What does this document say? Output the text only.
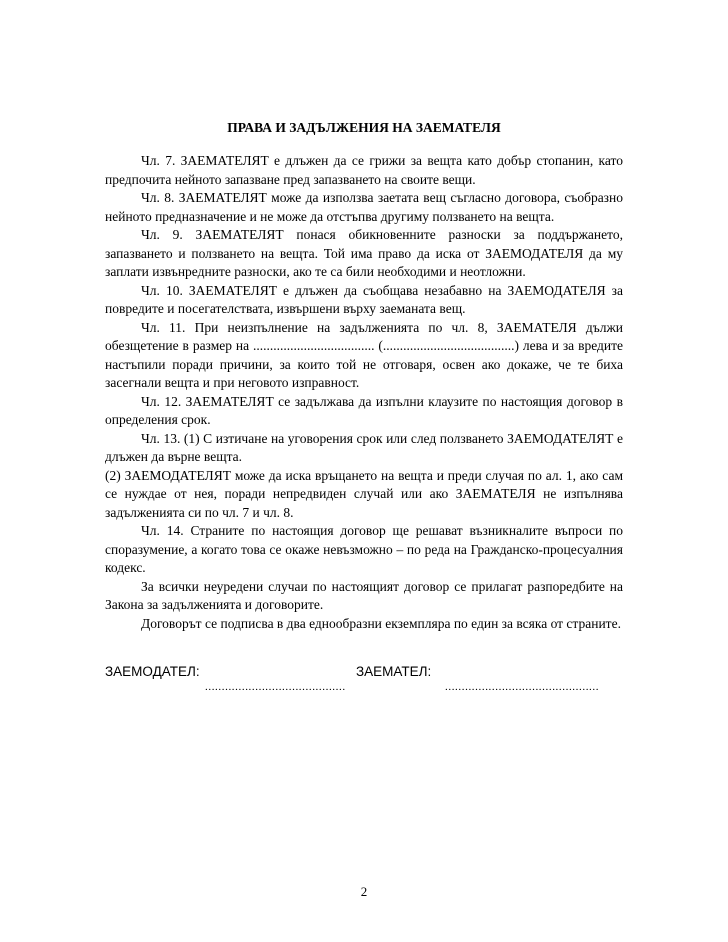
ПРАВА И ЗАДЪЛЖЕНИЯ НА ЗАЕМАТЕЛЯ

Чл. 7. ЗАЕМАТЕЛЯТ е длъжен да се грижи за вещта като добър стопанин, като предпочита нейното запазване пред запазването на своите вещи.

Чл. 8. ЗАЕМАТЕЛЯТ може да използва заетата вещ съгласно договора, съобразно нейното предназначение и не може да отстъпва другиму ползването на вещта.

Чл. 9. ЗАЕМАТЕЛЯТ понася обикновенните разноски за поддържането, запазването и ползването на вещта. Той има право да иска от ЗАЕМОДАТЕЛЯ да му заплати извънредните разноски, ако те са били необходими и неотложни.

Чл. 10. ЗАЕМАТЕЛЯТ е длъжен да съобщава незабавно на ЗАЕМОДАТЕЛЯ за повредите и посегателствата, извършени върху заеманата вещ.

Чл. 11. При неизпълнение на задълженията по чл. 8, ЗАЕМАТЕЛЯ дължи обезщетение в размер на .................................... (.......................................) лева и за вредите настъпили поради причини, за които той не отговаря, освен ако докаже, че те биха засегнали вещта и при неговото изправност.

Чл. 12. ЗАЕМАТЕЛЯТ се задължава да изпълни клаузите по настоящия договор в определения срок.

Чл. 13. (1) С изтичане на уговорения срок или след ползването ЗАЕМОДАТЕЛЯТ е длъжен да върне вещта.

(2) ЗАЕМОДАТЕЛЯТ може да иска връщането на вещта и преди случая по ал. 1, ако сам се нуждае от нея, поради непредвиден случай или ако ЗАЕМАТЕЛЯ не изпълнява задълженията си по чл. 7 и чл. 8.

Чл. 14. Страните по настоящия договор ще решават възникналите въпроси по споразумение, а когато това се окаже невъзможно – по реда на Гражданско-процесуалния кодекс.

За всички неуредени случаи по настоящият договор се прилагат разпоредбите на Закона за задълженията и договорите.

Договорът се подписва в два еднообразни екземпляра по един за всяка от страните.

ЗАЕМОДАТЕЛ:	ЗАЕМАТЕЛ:

..........................................	..............................................

2
